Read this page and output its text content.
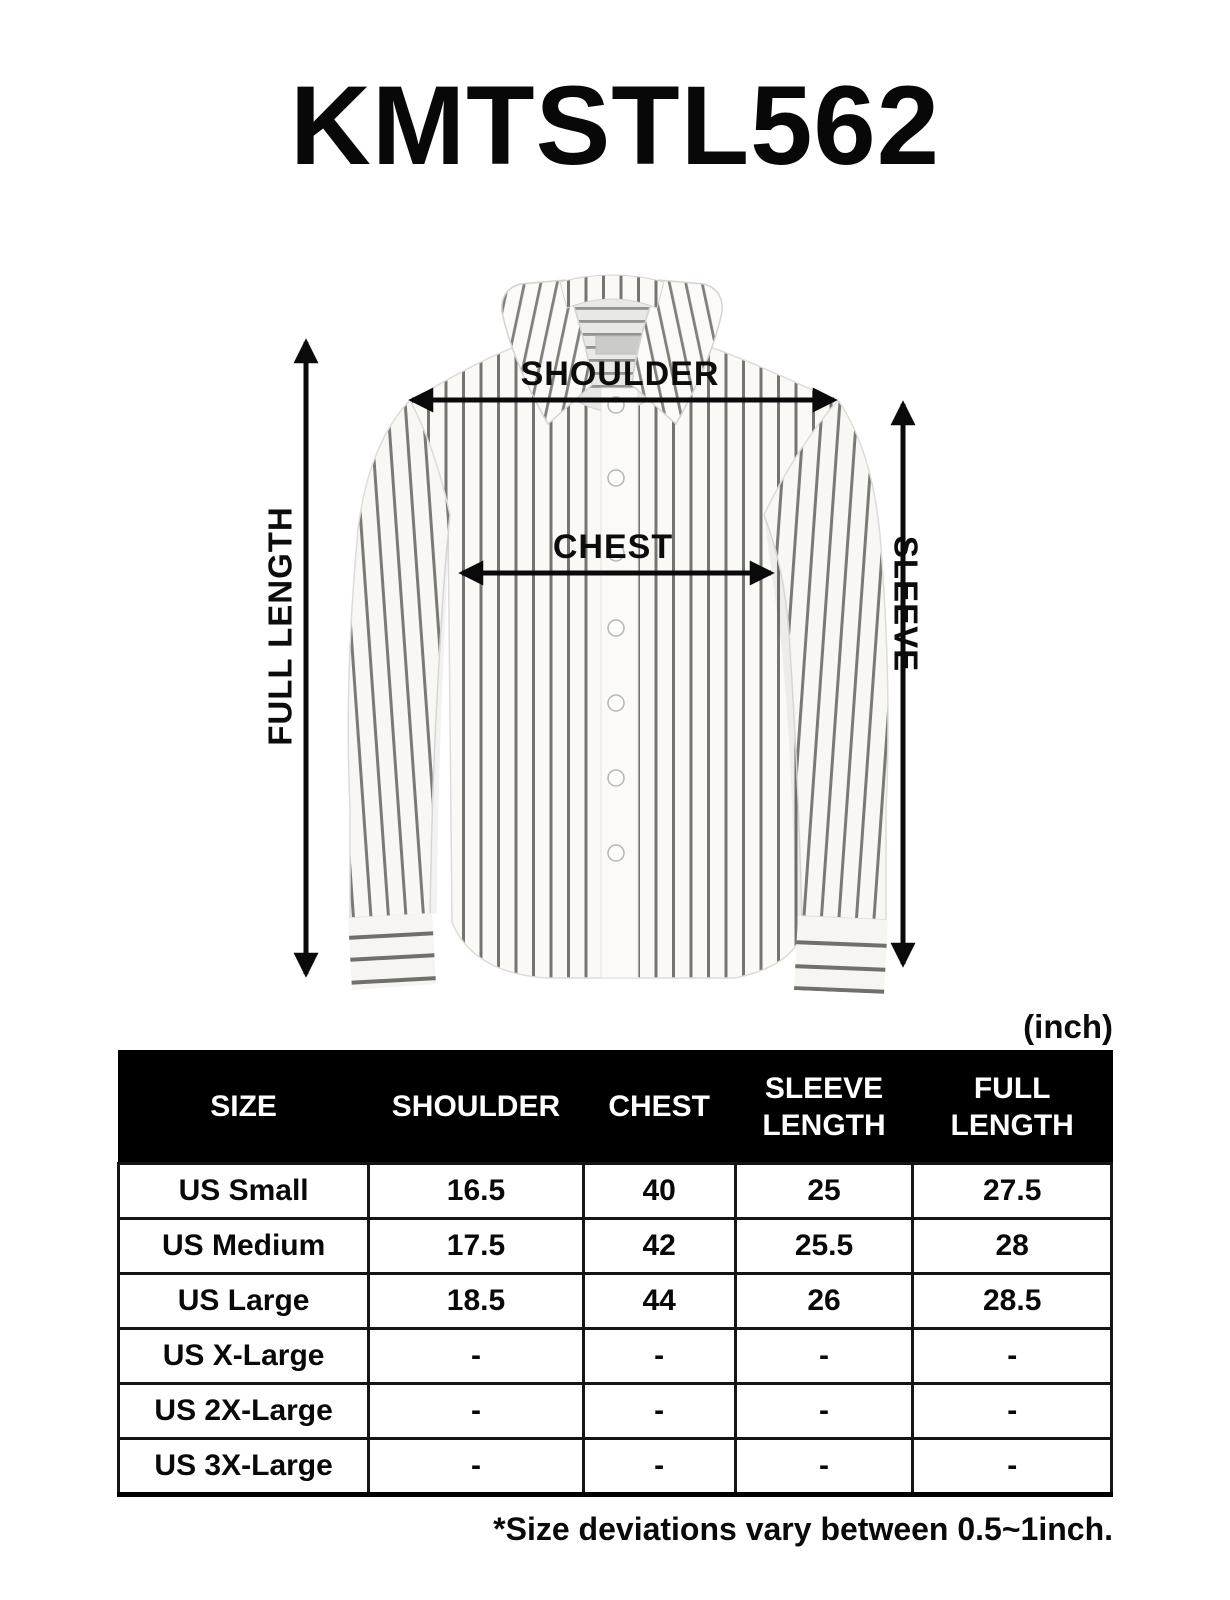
KMTSTL562
SHOULDER
CHEST
FULL LENGTH	SLEEVE
(inch)
SIZE	SHOULDER	CHEST	SLEEVE LENGTH	FULL LENGTH
US Small	16.5	40	25	27.5
US Medium	17.5	42	25.5	28
US Large	18.5	44	26	28.5
US X-Large	-	-	-	-
US 2X-Large	-	-	-	-
US 3X-Large	-	-	-	-
*Size deviations vary between 0.5~1inch.
